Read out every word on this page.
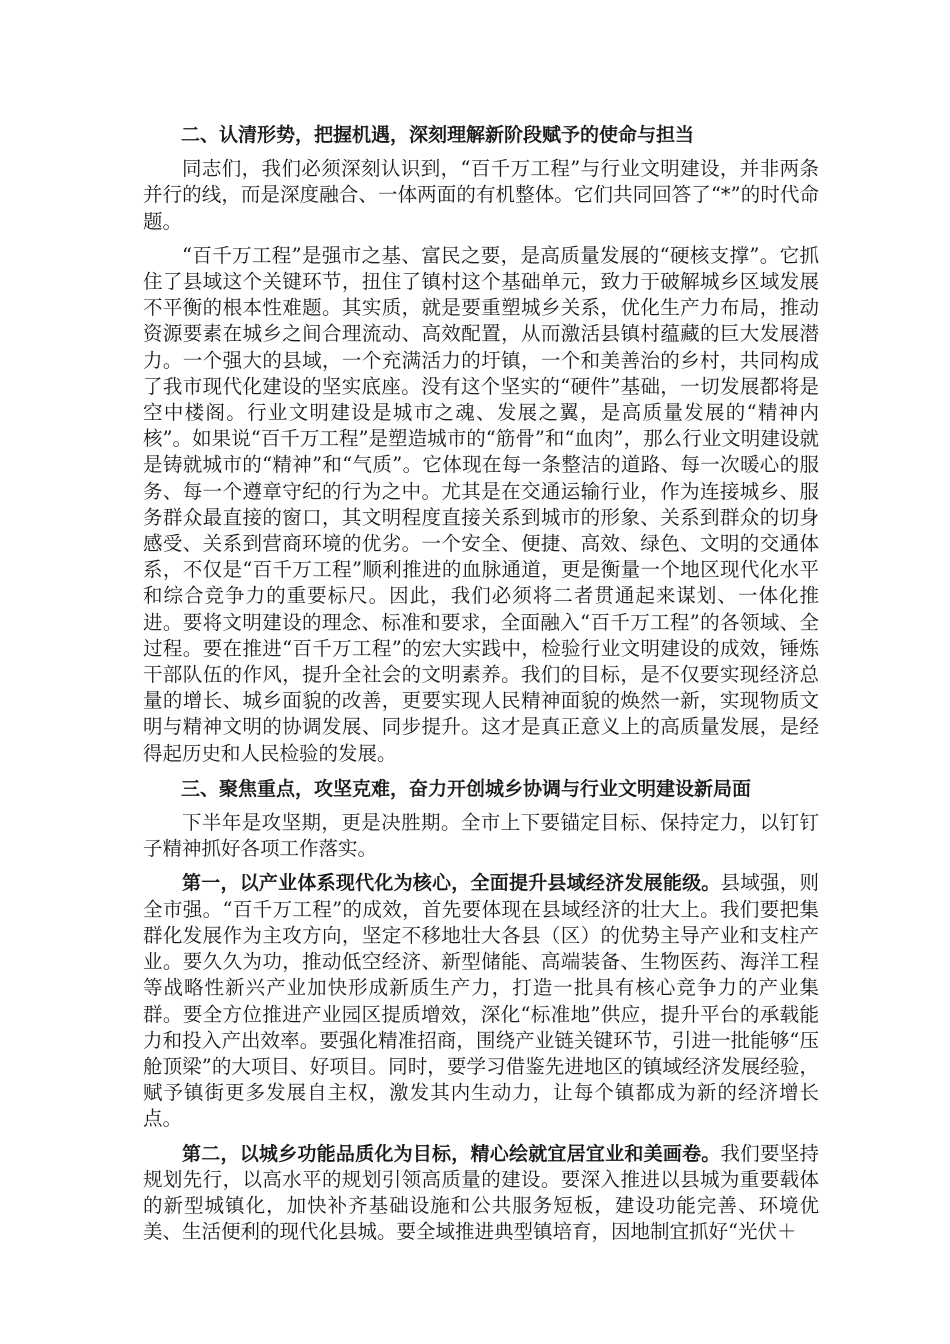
二、认清形势，把握机遇，深刻理解新阶段赋予的使命与担当

同志们，我们必须深刻认识到，“百千万工程”与行业文明建设，并非两条并行的线，而是深度融合、一体两面的有机整体。它们共同回答了“*”的时代命题。

“百千万工程”是强市之基、富民之要，是高质量发展的“硬核支撑”。它抓住了县域这个关键环节，扭住了镇村这个基础单元，致力于破解城乡区域发展不平衡的根本性难题。其实质，就是要重塑城乡关系，优化生产力布局，推动资源要素在城乡之间合理流动、高效配置，从而激活县镇村蕴藏的巨大发展潜力。一个强大的县域，一个充满活力的圩镇，一个和美善治的乡村，共同构成了我市现代化建设的坚实底座。没有这个坚实的“硬件”基础，一切发展都将是空中楼阁。行业文明建设是城市之魂、发展之翼，是高质量发展的“精神内核”。如果说“百千万工程”是塑造城市的“筋骨”和“血肉”，那么行业文明建设就是铸就城市的“精神”和“气质”。它体现在每一条整洁的道路、每一次暖心的服务、每一个遵章守纪的行为之中。尤其是在交通运输行业，作为连接城乡、服务群众最直接的窗口，其文明程度直接关系到城市的形象、关系到群众的切身感受、关系到营商环境的优劣。一个安全、便捷、高效、绿色、文明的交通体系，不仅是“百千万工程”顺利推进的血脉通道，更是衡量一个地区现代化水平和综合竞争力的重要标尺。因此，我们必须将二者贯通起来谋划、一体化推进。要将文明建设的理念、标准和要求，全面融入“百千万工程”的各领域、全过程。要在推进“百千万工程”的宏大实践中，检验行业文明建设的成效，锤炼干部队伍的作风，提升全社会的文明素养。我们的目标，是不仅要实现经济总量的增长、城乡面貌的改善，更要实现人民精神面貌的焕然一新，实现物质文明与精神文明的协调发展、同步提升。这才是真正意义上的高质量发展，是经得起历史和人民检验的发展。

三、聚焦重点，攻坚克难，奋力开创城乡协调与行业文明建设新局面

下半年是攻坚期，更是决胜期。全市上下要锚定目标、保持定力，以钉钉子精神抓好各项工作落实。

第一，以产业体系现代化为核心，全面提升县域经济发展能级。县域强，则全市强。“百千万工程”的成效，首先要体现在县域经济的壮大上。我们要把集群化发展作为主攻方向，坚定不移地壮大各县（区）的优势主导产业和支柱产业。要久久为功，推动低空经济、新型储能、高端装备、生物医药、海洋工程等战略性新兴产业加快形成新质生产力，打造一批具有核心竞争力的产业集群。要全方位推进产业园区提质增效，深化“标准地”供应，提升平台的承载能力和投入产出效率。要强化精准招商，围绕产业链关键环节，引进一批能够“压舱顶梁”的大项目、好项目。同时，要学习借鉴先进地区的镇域经济发展经验，赋予镇街更多发展自主权，激发其内生动力，让每个镇都成为新的经济增长点。

第二，以城乡功能品质化为目标，精心绘就宜居宜业和美画卷。我们要坚持规划先行，以高水平的规划引领高质量的建设。要深入推进以县城为重要载体的新型城镇化，加快补齐基础设施和公共服务短板，建设功能完善、环境优美、生活便利的现代化县城。要全域推进典型镇培育，因地制宜抓好“光伏＋
